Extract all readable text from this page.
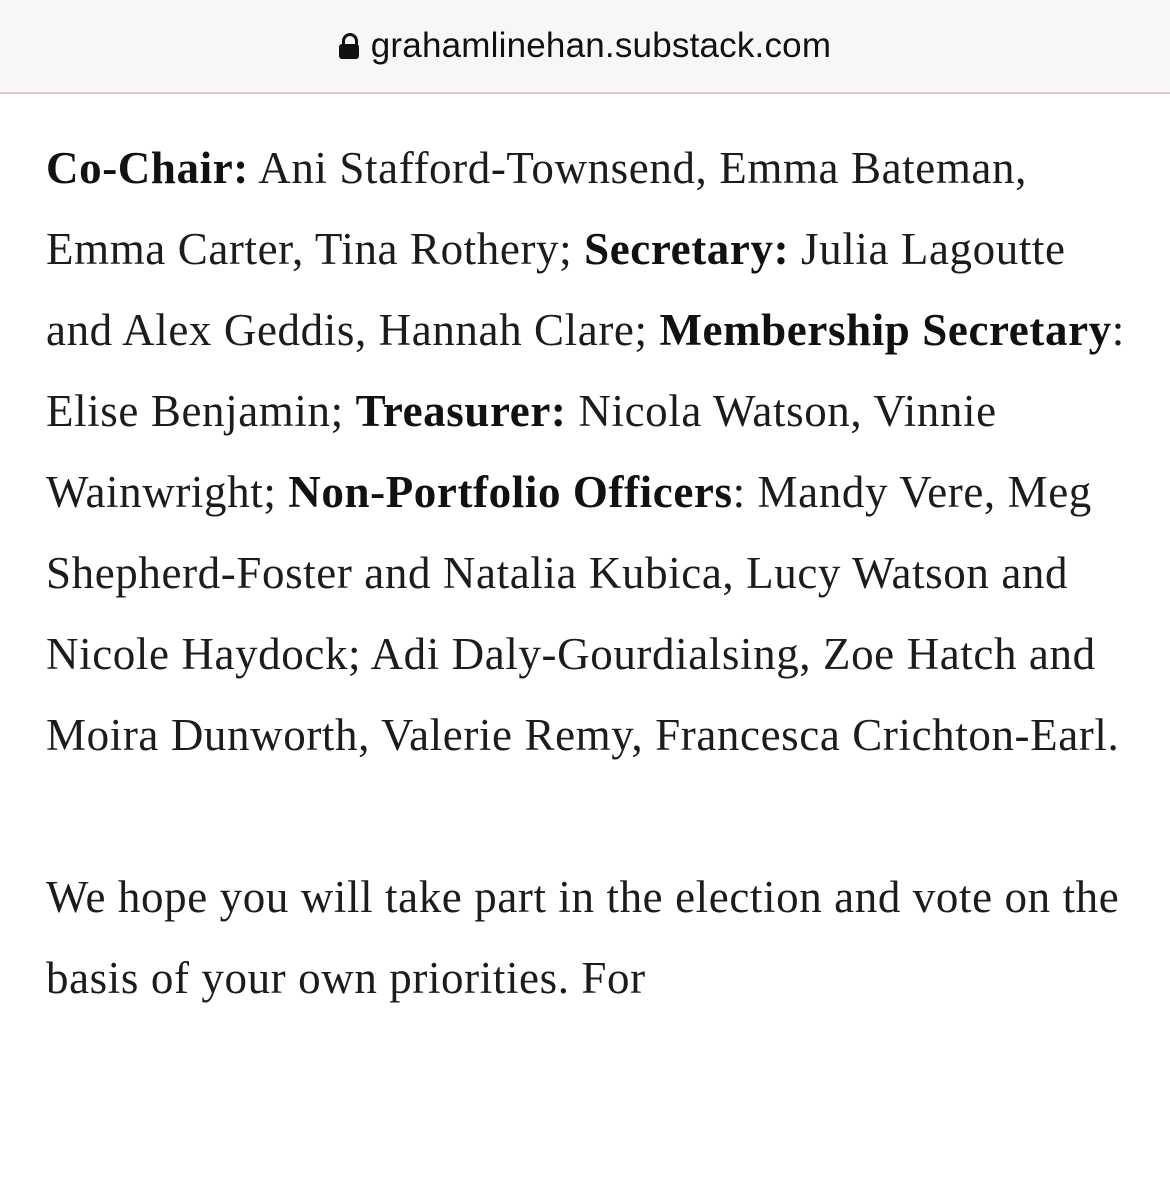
grahamlinehan.substack.com

Co-Chair: Ani Stafford-Townsend, Emma Bateman, Emma Carter, Tina Rothery; Secretary: Julia Lagoutte and Alex Geddis, Hannah Clare; Membership Secretary: Elise Benjamin; Treasurer: Nicola Watson, Vinnie Wainwright; Non-Portfolio Officers: Mandy Vere, Meg Shepherd-Foster and Natalia Kubica, Lucy Watson and Nicole Haydock; Adi Daly-Gourdialsing, Zoe Hatch and Moira Dunworth, Valerie Remy, Francesca Crichton-Earl.

We hope you will take part in the election and vote on the basis of your own priorities. For
